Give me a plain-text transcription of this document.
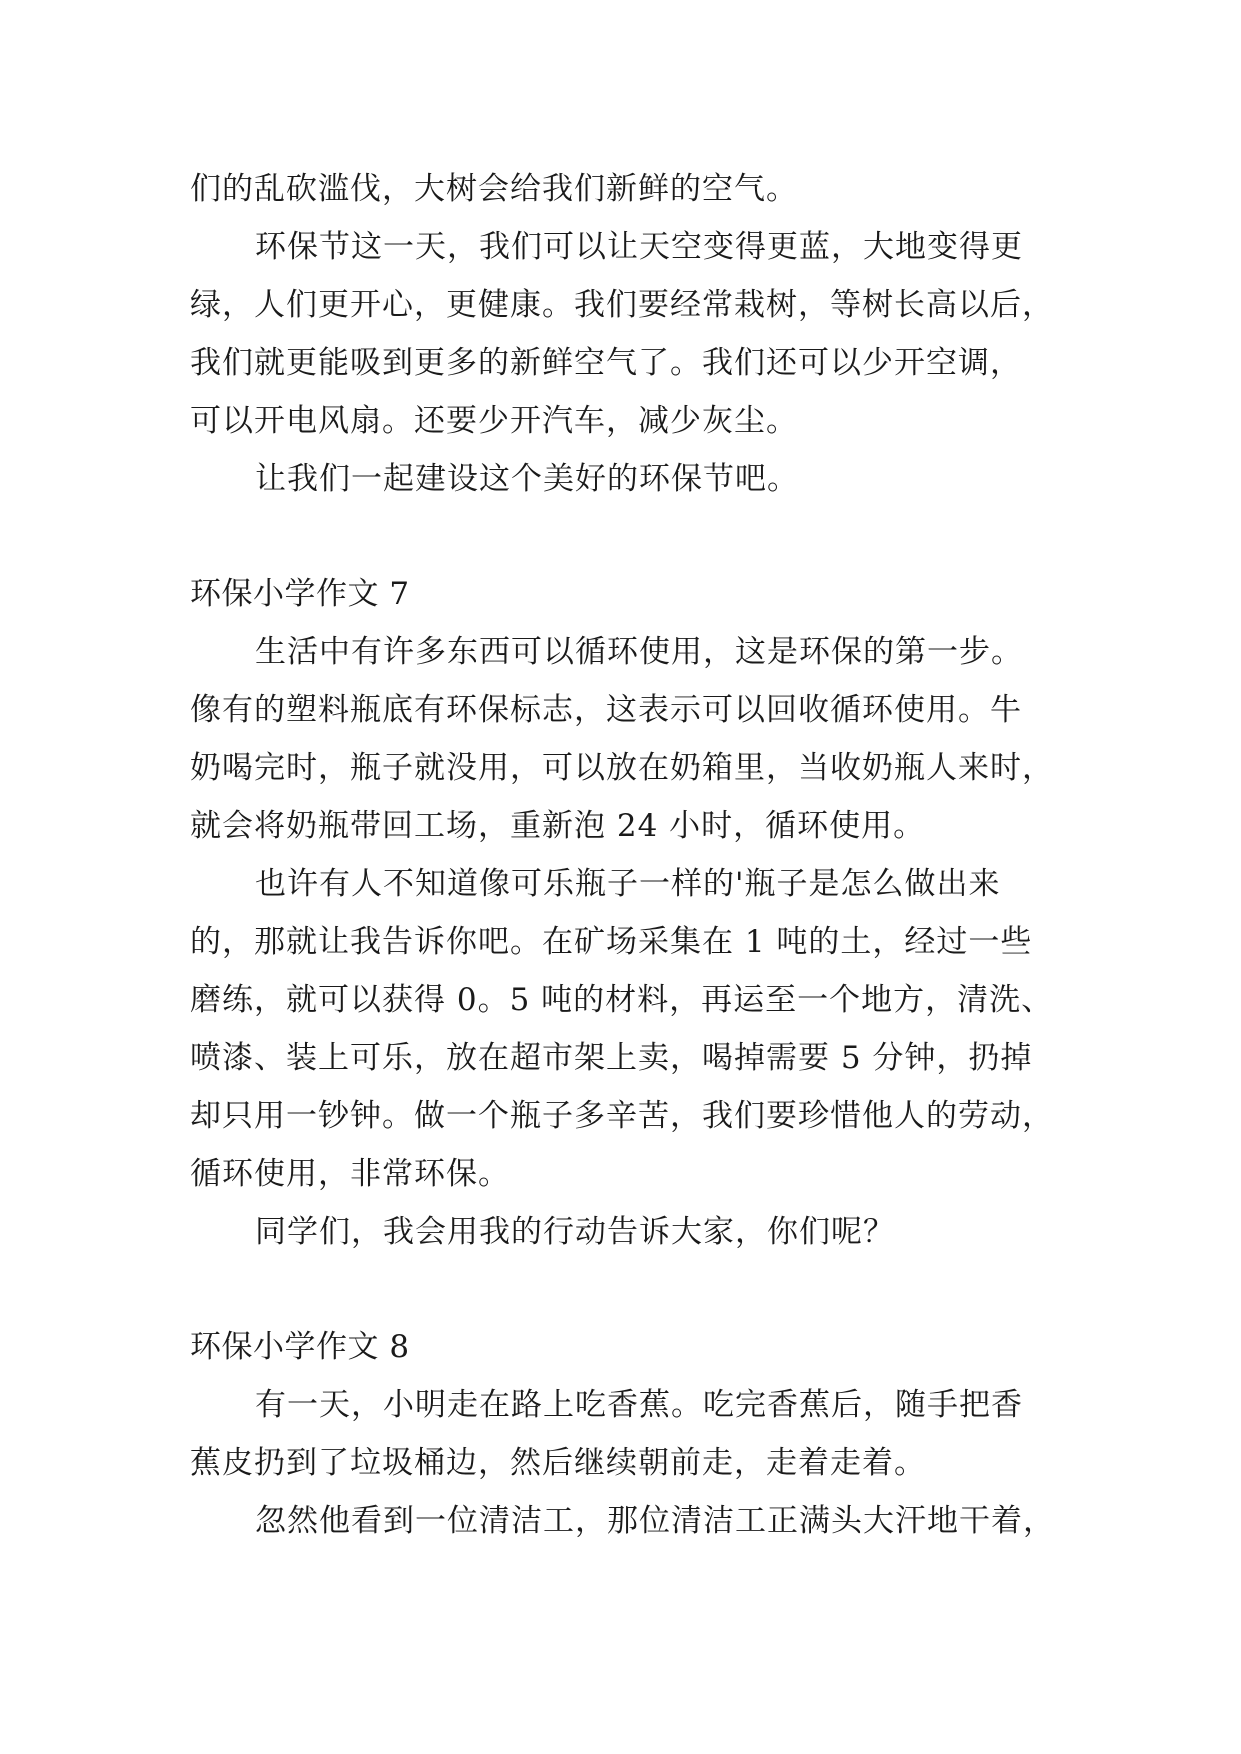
们的乱砍滥伐，大树会给我们新鲜的空气。
环保节这一天，我们可以让天空变得更蓝，大地变得更
绿，人们更开心，更健康。我们要经常栽树，等树长高以后，
我们就更能吸到更多的新鲜空气了。我们还可以少开空调，
可以开电风扇。还要少开汽车，减少灰尘。
让我们一起建设这个美好的环保节吧。
环保小学作文 7
生活中有许多东西可以循环使用，这是环保的第一步。
像有的塑料瓶底有环保标志，这表示可以回收循环使用。牛
奶喝完时，瓶子就没用，可以放在奶箱里，当收奶瓶人来时，
就会将奶瓶带回工场，重新泡 24 小时，循环使用。
也许有人不知道像可乐瓶子一样的'瓶子是怎么做出来
的，那就让我告诉你吧。在矿场采集在 1 吨的土，经过一些
磨练，就可以获得 0。5 吨的材料，再运至一个地方，清洗、
喷漆、装上可乐，放在超市架上卖，喝掉需要 5 分钟，扔掉
却只用一钞钟。做一个瓶子多辛苦，我们要珍惜他人的劳动，
循环使用，非常环保。
同学们，我会用我的行动告诉大家，你们呢？
环保小学作文 8
有一天，小明走在路上吃香蕉。吃完香蕉后，随手把香
蕉皮扔到了垃圾桶边，然后继续朝前走，走着走着。
忽然他看到一位清洁工，那位清洁工正满头大汗地干着，
